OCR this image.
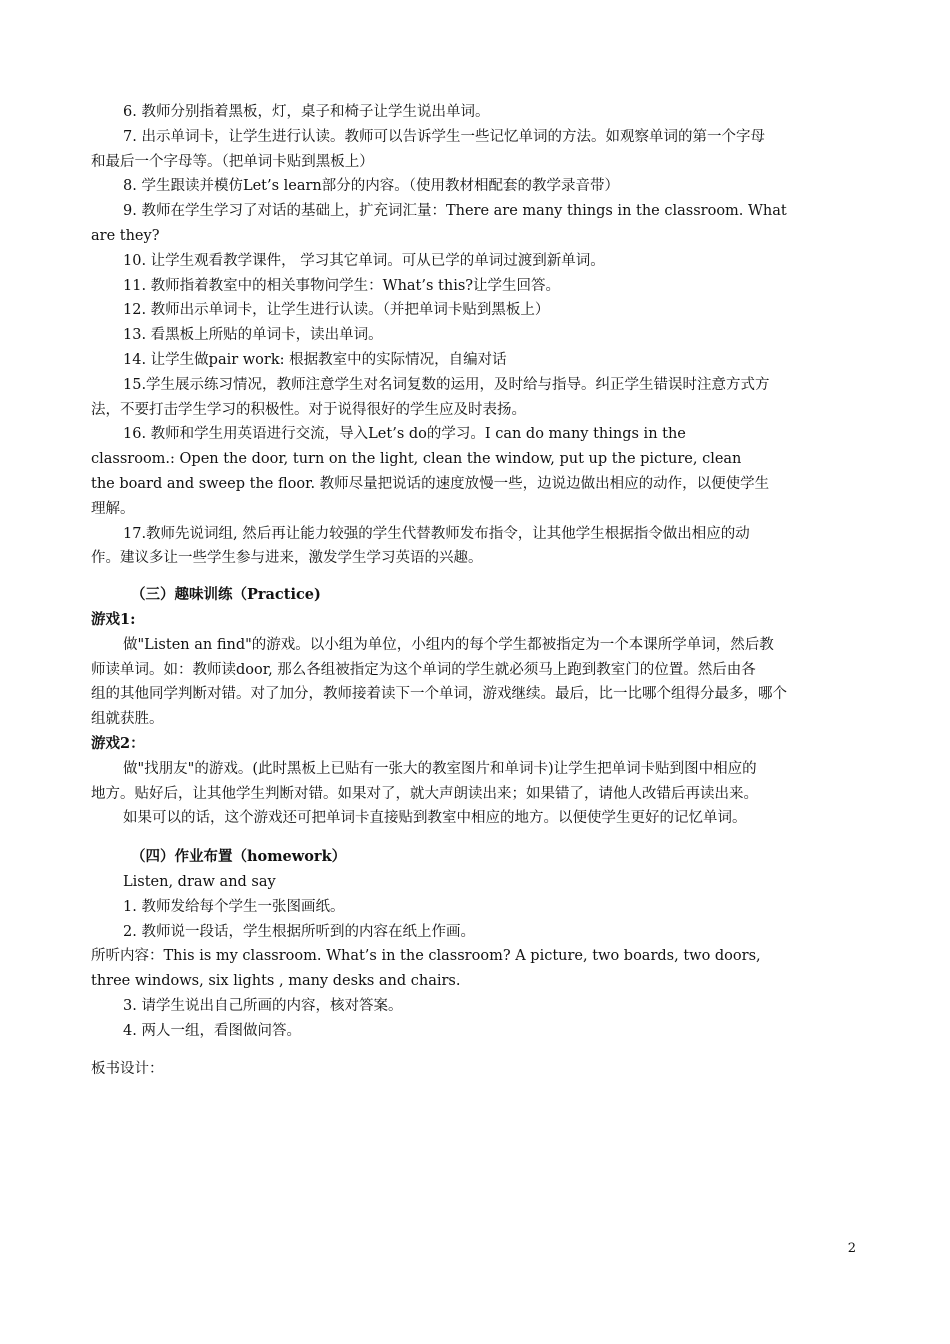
6. 教师分别指着黑板，灯，桌子和椅子让学生说出单词。
7. 出示单词卡，让学生进行认读。教师可以告诉学生一些记忆单词的方法。如观察单词的第一个字母
和最后一个字母等。（把单词卡贴到黑板上）
8. 学生跟读并模仿Let’s learn部分的内容。（使用教材相配套的教学录音带）
9. 教师在学生学习了对话的基础上，扩充词汇量：There are many things in the classroom. What
are they?
10. 让学生观看教学课件， 学习其它单词。可从已学的单词过渡到新单词。
11. 教师指着教室中的相关事物问学生：What’s this?让学生回答。
12. 教师出示单词卡，让学生进行认读。（并把单词卡贴到黑板上）
13. 看黑板上所贴的单词卡，读出单词。
14. 让学生做pair work: 根据教室中的实际情况，自编对话
15.学生展示练习情况，教师注意学生对名词复数的运用，及时给与指导。纠正学生错误时注意方式方
法，不要打击学生学习的积极性。对于说得很好的学生应及时表扬。
16. 教师和学生用英语进行交流，导入Let’s do的学习。I can do many things in the
classroom.: Open the door, turn on the light, clean the window, put up the picture, clean
the board and sweep the floor. 教师尽量把说话的速度放慢一些，边说边做出相应的动作，以便使学生
理解。
17.教师先说词组, 然后再让能力较强的学生代替教师发布指令，让其他学生根据指令做出相应的动
作。建议多让一些学生参与进来，激发学生学习英语的兴趣。
（三）趣味训练（Practice)
游戏1:
做"Listen an find"的游戏。以小组为单位，小组内的每个学生都被指定为一个本课所学单词，然后教
师读单词。如：教师读door, 那么各组被指定为这个单词的学生就必须马上跑到教室门的位置。然后由各
组的其他同学判断对错。对了加分，教师接着读下一个单词，游戏继续。最后，比一比哪个组得分最多，哪个
组就获胜。
游戏2：
做"找朋友"的游戏。(此时黑板上已贴有一张大的教室图片和单词卡)让学生把单词卡贴到图中相应的
地方。贴好后，让其他学生判断对错。如果对了，就大声朗读出来；如果错了，请他人改错后再读出来。
如果可以的话，这个游戏还可把单词卡直接贴到教室中相应的地方。以便使学生更好的记忆单词。
（四）作业布置（homework）
Listen, draw and say
1. 教师发给每个学生一张图画纸。
2. 教师说一段话，学生根据所听到的内容在纸上作画。
所听内容：This is my classroom. What’s in the classroom? A picture, two boards, two doors,
three windows, six lights , many desks and chairs.
3. 请学生说出自己所画的内容，核对答案。
4. 两人一组，看图做问答。
板书设计：
2
